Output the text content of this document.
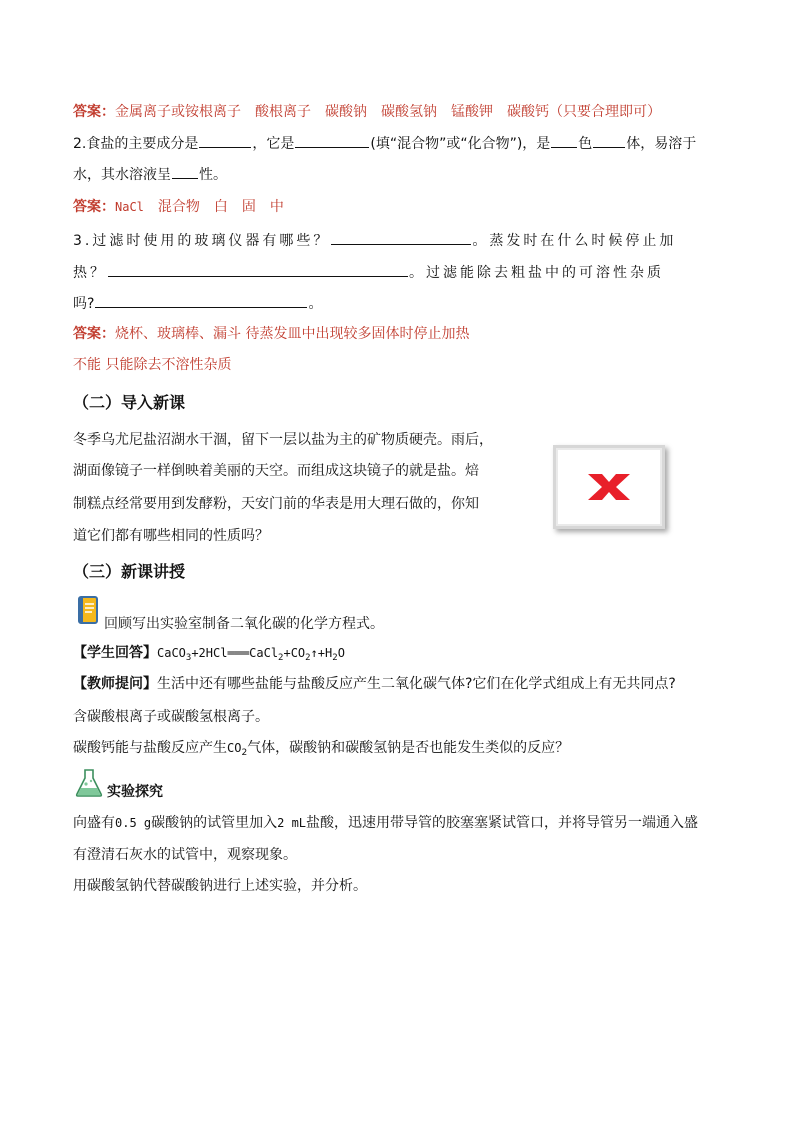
答案：金属离子或铵根离子 酸根离子 碳酸钠 碳酸氢钠 锰酸钾 碳酸钙（只要合理即可）
2.食盐的主要成分是	，它是	(填“混合物”或“化合物”)，是 色 体，易溶于
水，其水溶液呈 性。
答案：NaCl 混合物 白 固 中
3.过滤时使用的玻璃仪器有哪些？	。蒸发时在什么时候停止加
热？	。过滤能除去粗盐中的可溶性杂质
吗?	。
答案：烧杯、玻璃棒、漏斗 待蒸发皿中出现较多固体时停止加热
不能 只能除去不溶性杂质
（二）导入新课
冬季乌尤尼盐沼湖水干涸，留下一层以盐为主的矿物质硬壳。雨后，
湖面像镜子一样倒映着美丽的天空。而组成这块镜子的就是盐。焙
制糕点经常要用到发酵粉，天安门前的华表是用大理石做的，你知
道它们都有哪些相同的性质吗？
（三）新课讲授
回顾写出实验室制备二氧化碳的化学方程式。
【学生回答】$CaCO_3+2HCl═══CaCl_2+CO_2↑+H_2O$
【教师提问】生活中还有哪些盐能与盐酸反应产生二氧化碳气体?它们在化学式组成上有无共同点?
含碳酸根离子或碳酸氢根离子。
碳酸钙能与盐酸反应产生$CO_2$气体，碳酸钠和碳酸氢钠是否也能发生类似的反应？
实验探究
向盛有0.5 g碳酸钠的试管里加入2 mL盐酸，迅速用带导管的胶塞塞紧试管口，并将导管另一端通入盛
有澄清石灰水的试管中，观察现象。
用碳酸氢钠代替碳酸钠进行上述实验，并分析。
